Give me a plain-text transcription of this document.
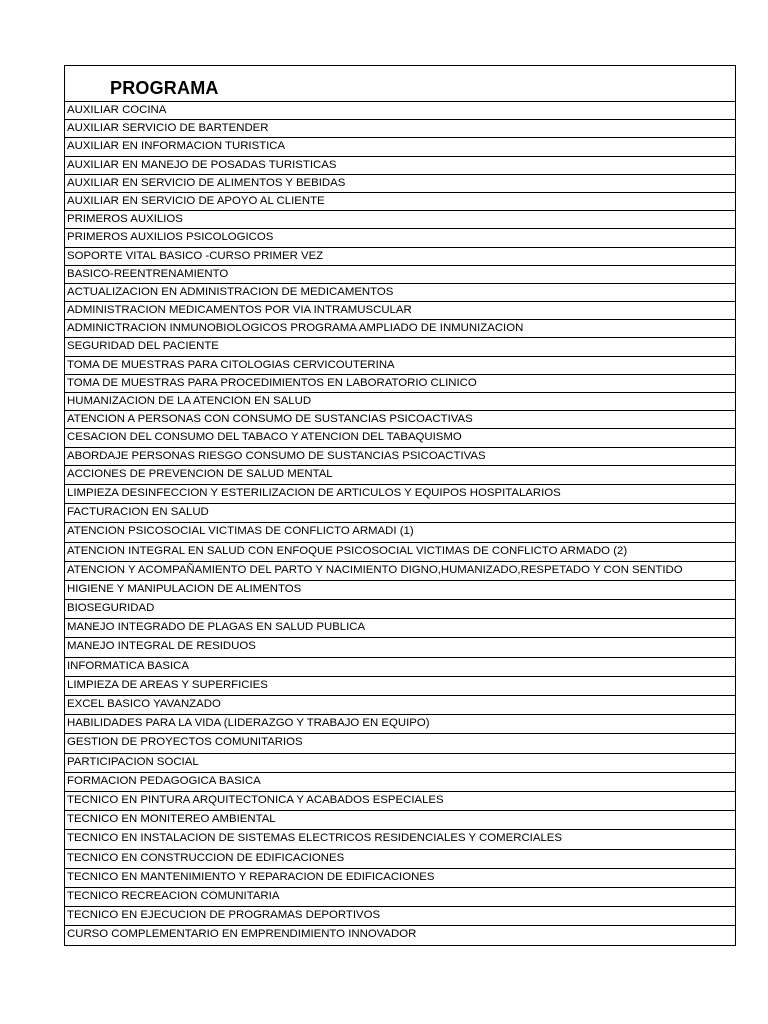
PROGRAMA
AUXILIAR COCINA
AUXILIAR SERVICIO DE BARTENDER
AUXILIAR EN INFORMACION TURISTICA
AUXILIAR EN MANEJO DE POSADAS TURISTICAS
AUXILIAR EN SERVICIO DE ALIMENTOS Y BEBIDAS
AUXILIAR EN SERVICIO DE APOYO AL CLIENTE
PRIMEROS AUXILIOS
PRIMEROS AUXILIOS PSICOLOGICOS
SOPORTE VITAL BASICO -CURSO PRIMER VEZ
BASICO-REENTRENAMIENTO
ACTUALIZACION EN ADMINISTRACION DE MEDICAMENTOS
ADMINISTRACION MEDICAMENTOS POR VIA INTRAMUSCULAR
ADMINICTRACION INMUNOBIOLOGICOS PROGRAMA AMPLIADO DE INMUNIZACION
SEGURIDAD DEL PACIENTE
TOMA DE MUESTRAS PARA CITOLOGIAS CERVICOUTERINA
TOMA DE MUESTRAS PARA PROCEDIMIENTOS EN LABORATORIO CLINICO
HUMANIZACION DE LA ATENCION EN SALUD
ATENCION A PERSONAS CON CONSUMO DE SUSTANCIAS PSICOACTIVAS
CESACION DEL CONSUMO DEL TABACO Y ATENCION DEL TABAQUISMO
ABORDAJE PERSONAS RIESGO CONSUMO DE SUSTANCIAS PSICOACTIVAS
ACCIONES DE PREVENCION DE SALUD MENTAL
LIMPIEZA DESINFECCION Y ESTERILIZACION DE ARTICULOS Y EQUIPOS HOSPITALARIOS
FACTURACION EN SALUD
ATENCION PSICOSOCIAL VICTIMAS DE CONFLICTO ARMADI (1)
ATENCION INTEGRAL EN SALUD CON ENFOQUE PSICOSOCIAL VICTIMAS DE CONFLICTO ARMADO (2)
ATENCION Y ACOMPAÑAMIENTO DEL PARTO Y NACIMIENTO DIGNO,HUMANIZADO,RESPETADO Y CON SENTIDO
HIGIENE Y MANIPULACION DE ALIMENTOS
BIOSEGURIDAD
MANEJO INTEGRADO DE PLAGAS EN SALUD PUBLICA
MANEJO INTEGRAL DE RESIDUOS
INFORMATICA BASICA
LIMPIEZA DE AREAS Y SUPERFICIES
EXCEL BASICO YAVANZADO
HABILIDADES PARA LA VIDA (LIDERAZGO Y TRABAJO EN EQUIPO)
GESTION DE PROYECTOS COMUNITARIOS
PARTICIPACION SOCIAL
FORMACION PEDAGOGICA BASICA
TECNICO EN PINTURA ARQUITECTONICA Y ACABADOS ESPECIALES
TECNICO EN MONITEREO AMBIENTAL
TECNICO EN INSTALACION DE SISTEMAS ELECTRICOS RESIDENCIALES Y COMERCIALES
TECNICO EN CONSTRUCCION DE EDIFICACIONES
TECNICO EN MANTENIMIENTO Y REPARACION DE EDIFICACIONES
TECNICO RECREACION COMUNITARIA
TECNICO EN EJECUCION DE PROGRAMAS DEPORTIVOS
CURSO COMPLEMENTARIO EN EMPRENDIMIENTO INNOVADOR
